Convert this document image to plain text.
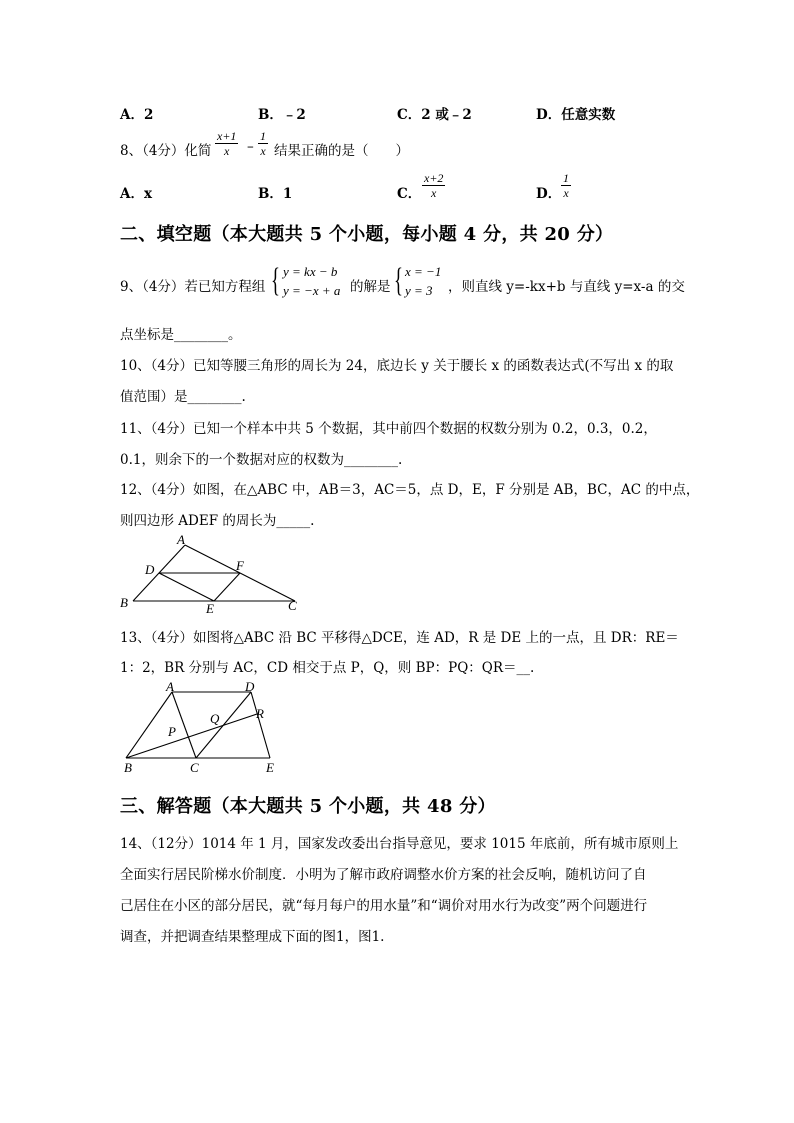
A．2	B．﹣2	C．2 或﹣2	D．任意实数
8、（4分）化简
x+1
x –
1
x 结果正确的是（　　）
A．x	B．1	C．
x+2
x	D．
1
x
二、填空题（本大题共 5 个小题，每小题 4 分，共 20 分）
9、（4分）若已知方程组 { y = kx − b
y = −x + a 的解是 { x = −1
y = 3	，则直线 y=-kx+b 与直线 y=x-a 的交
点坐标是________。
10、（4分）已知等腰三角形的周长为 24，底边长 y 关于腰长 x 的函数表达式(不写出 x 的取
值范围）是________.
11、（4分）已知一个样本中共 5 个数据，其中前四个数据的权数分别为 0.2，0.3，0.2，
0.1，则余下的一个数据对应的权数为________.
12、（4分）如图，在△ABC 中，AB＝3，AC＝5，点 D，E，F 分别是 AB，BC，AC 的中点，
则四边形 ADEF 的周长为_____.
A
D	F
B	E	C
13、（4分）如图将△ABC 沿 BC 平移得△DCE，连 AD，R 是 DE 上的一点，且 DR：RE＝
1：2，BR 分别与 AC，CD 相交于点 P，Q，则 BP：PQ：QR＝__.
A	D
R
Q
P
B	C	E
三、解答题（本大题共 5 个小题，共 48 分）
14、（12分）1014 年 1 月，国家发改委出台指导意见，要求 1015 年底前，所有城市原则上
全面实行居民阶梯水价制度．小明为了解市政府调整水价方案的社会反响，随机访问了自
己居住在小区的部分居民，就“每月每户的用水量”和“调价对用水行为改变”两个问题进行
调查，并把调查结果整理成下面的图1，图1.
